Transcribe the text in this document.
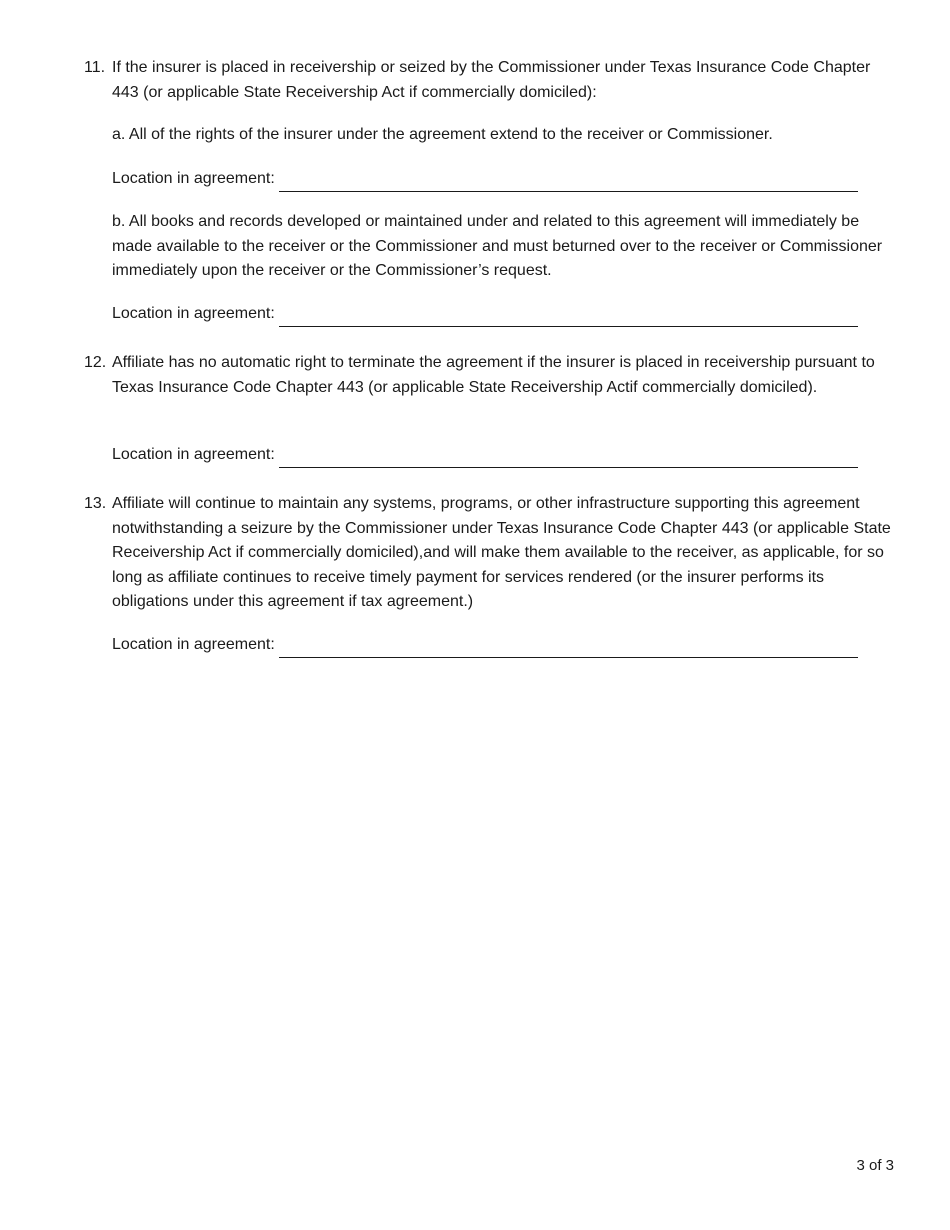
11. If the insurer is placed in receivership or seized by the Commissioner under Texas Insurance Code Chapter 443 (or applicable State Receivership Act if commercially domiciled):
a. All of the rights of the insurer under the agreement extend to the receiver or Commissioner.
Location in agreement:
b. All books and records developed or maintained under and related to this agreement will immediately be made available to the receiver or the Commissioner and must beturned over to the receiver or Commissioner immediately upon the receiver or the Commissioner’s request.
Location in agreement:
12. Affiliate has no automatic right to terminate the agreement if the insurer is placed in receivership pursuant to Texas Insurance Code Chapter 443 (or applicable State Receivership Actif commercially domiciled).
Location in agreement:
13. Affiliate will continue to maintain any systems, programs, or other infrastructure supporting this agreement notwithstanding a seizure by the Commissioner under Texas Insurance Code Chapter 443 (or applicable State Receivership Act if commercially domiciled),and will make them available to the receiver, as applicable, for so long as affiliate continues to receive timely payment for services rendered (or the insurer performs its obligations under this agreement if tax agreement.)
Location in agreement:
3 of 3
